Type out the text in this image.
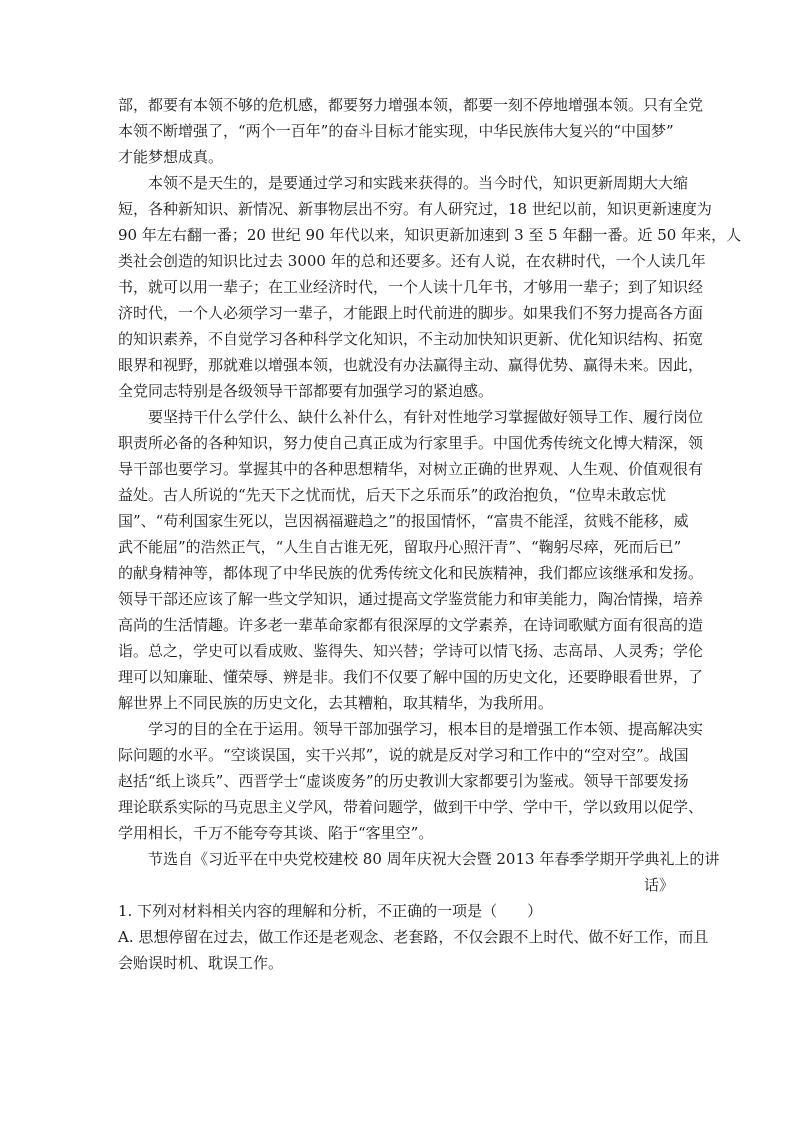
部，都要有本领不够的危机感，都要努力增强本领，都要一刻不停地增强本领。只有全党
本领不断增强了，“两个一百年”的奋斗目标才能实现，中华民族伟大复兴的“中国梦”
才能梦想成真。
　　本领不是天生的，是要通过学习和实践来获得的。当今时代，知识更新周期大大缩
短，各种新知识、新情况、新事物层出不穷。有人研究过，18 世纪以前，知识更新速度为
90 年左右翻一番；20 世纪 90 年代以来，知识更新加速到 3 至 5 年翻一番。近 50 年来，人
类社会创造的知识比过去 3000 年的总和还要多。还有人说，在农耕时代，一个人读几年
书，就可以用一辈子；在工业经济时代，一个人读十几年书，才够用一辈子；到了知识经
济时代，一个人必须学习一辈子，才能跟上时代前进的脚步。如果我们不努力提高各方面
的知识素养，不自觉学习各种科学文化知识，不主动加快知识更新、优化知识结构、拓宽
眼界和视野，那就难以增强本领，也就没有办法赢得主动、赢得优势、赢得未来。因此，
全党同志特别是各级领导干部都要有加强学习的紧迫感。
　　要坚持干什么学什么、缺什么补什么，有针对性地学习掌握做好领导工作、履行岗位
职责所必备的各种知识，努力使自己真正成为行家里手。中国优秀传统文化博大精深，领
导干部也要学习。掌握其中的各种思想精华，对树立正确的世界观、人生观、价值观很有
益处。古人所说的“先天下之忧而忧，后天下之乐而乐”的政治抱负，“位卑未敢忘忧
国”、“苟利国家生死以，岂因祸福避趋之”的报国情怀，“富贵不能淫，贫贱不能移，威
武不能屈”的浩然正气，“人生自古谁无死，留取丹心照汗青”、“鞠躬尽瘁，死而后已”
的献身精神等，都体现了中华民族的优秀传统文化和民族精神，我们都应该继承和发扬。
领导干部还应该了解一些文学知识，通过提高文学鉴赏能力和审美能力，陶冶情操，培养
高尚的生活情趣。许多老一辈革命家都有很深厚的文学素养，在诗词歌赋方面有很高的造
诣。总之，学史可以看成败、鉴得失、知兴替；学诗可以情飞扬、志高昂、人灵秀；学伦
理可以知廉耻、懂荣辱、辨是非。我们不仅要了解中国的历史文化，还要睁眼看世界，了
解世界上不同民族的历史文化，去其糟粕，取其精华，为我所用。
　　学习的目的全在于运用。领导干部加强学习，根本目的是增强工作本领、提高解决实
际问题的水平。“空谈误国，实干兴邦”，说的就是反对学习和工作中的“空对空”。战国
赵括“纸上谈兵”、西晋学士“虚谈废务”的历史教训大家都要引为鉴戒。领导干部要发扬
理论联系实际的马克思主义学风，带着问题学，做到干中学、学中干，学以致用以促学、
学用相长，千万不能夸夸其谈、陷于“客里空”。
　　节选自《习近平在中央党校建校 80 周年庆祝大会暨 2013 年春季学期开学典礼上的讲
话》
1. 下列对材料相关内容的理解和分析，不正确的一项是（　　）
A. 思想停留在过去，做工作还是老观念、老套路，不仅会跟不上时代、做不好工作，而且
会贻误时机、耽误工作。
